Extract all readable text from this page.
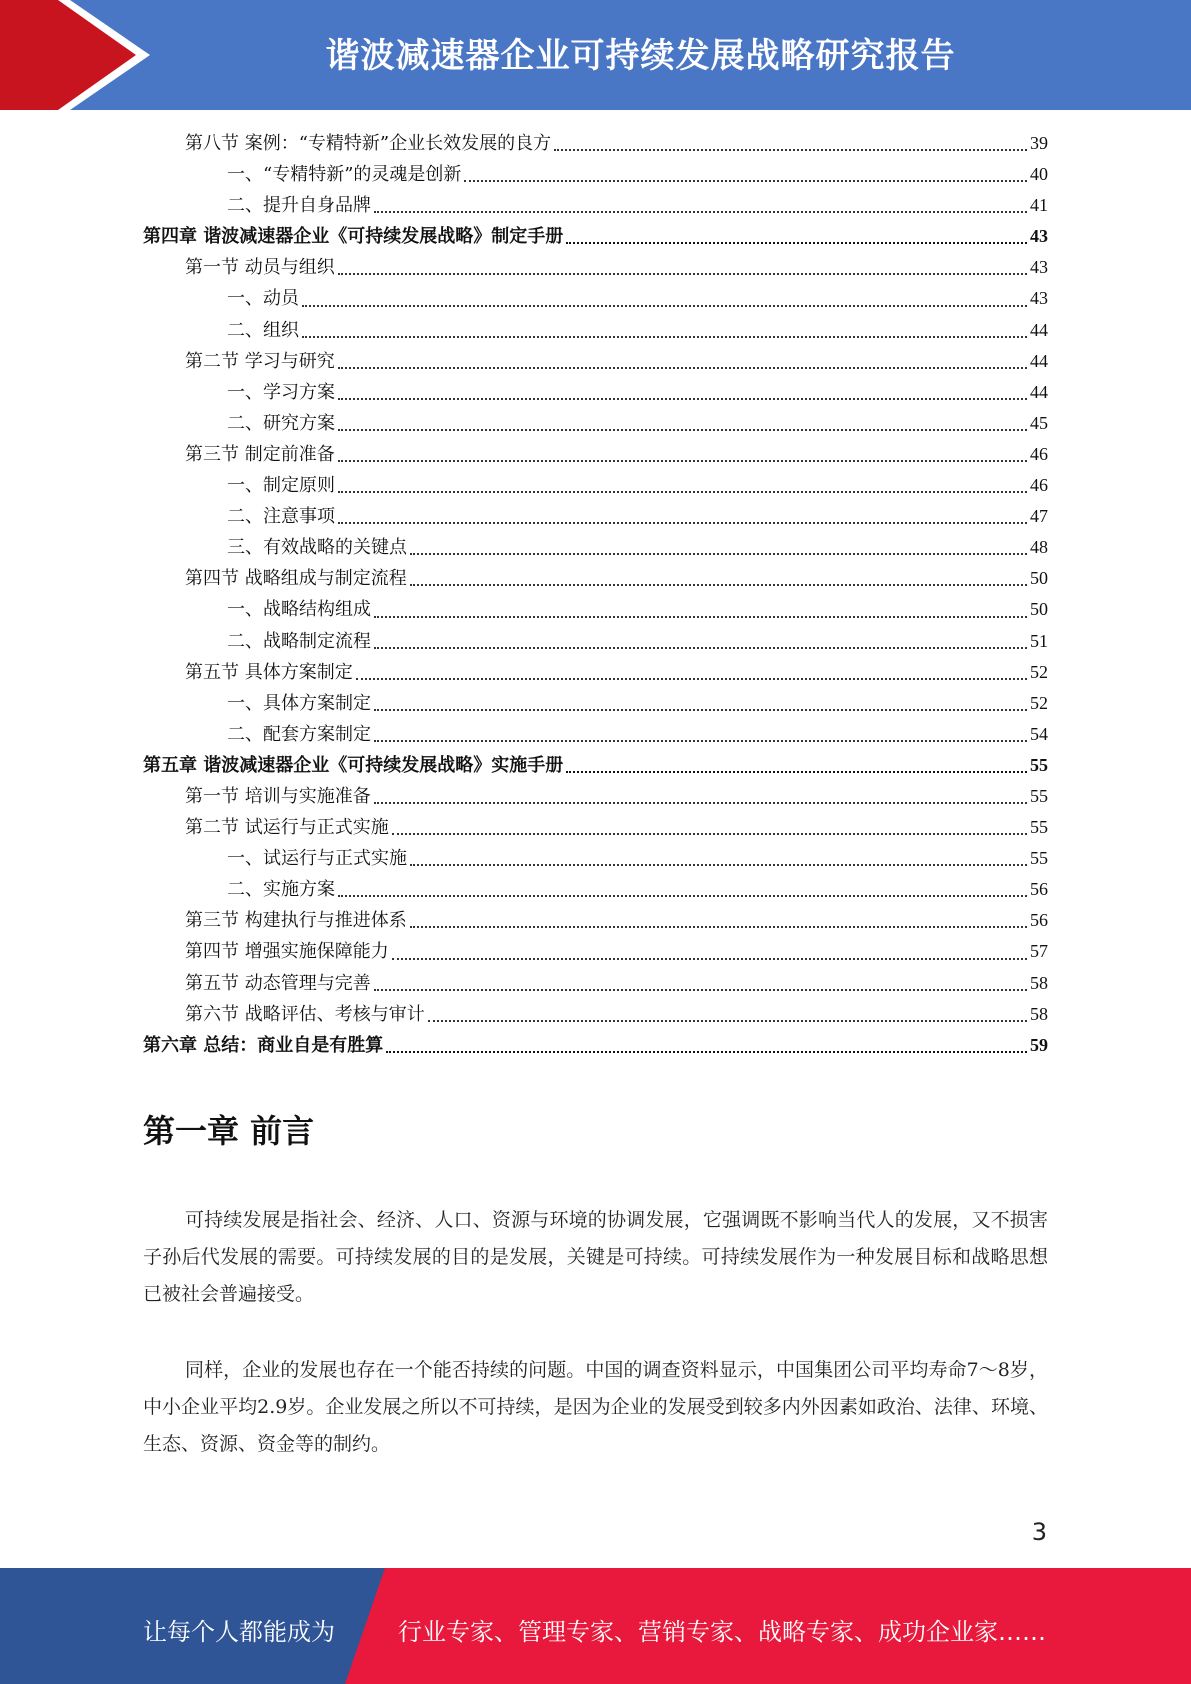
谐波减速器企业可持续发展战略研究报告
第八节 案例：“专精特新”企业长效发展的良方	39
一、“专精特新”的灵魂是创新	40
二、提升自身品牌	41
第四章 谐波减速器企业《可持续发展战略》制定手册	43
第一节 动员与组织	43
一、动员	43
二、组织	44
第二节 学习与研究	44
一、学习方案	44
二、研究方案	45
第三节 制定前准备	46
一、制定原则	46
二、注意事项	47
三、有效战略的关键点	48
第四节 战略组成与制定流程	50
一、战略结构组成	50
二、战略制定流程	51
第五节 具体方案制定	52
一、具体方案制定	52
二、配套方案制定	54
第五章 谐波减速器企业《可持续发展战略》实施手册	55
第一节 培训与实施准备	55
第二节 试运行与正式实施	55
一、试运行与正式实施	55
二、实施方案	56
第三节 构建执行与推进体系	56
第四节 增强实施保障能力	57
第五节 动态管理与完善	58
第六节 战略评估、考核与审计	58
第六章 总结：商业自是有胜算	59
第一章 前言
可持续发展是指社会、经济、人口、资源与环境的协调发展，它强调既不影响当代人的发展，又不损害子孙后代发展的需要。可持续发展的目的是发展，关键是可持续。可持续发展作为一种发展目标和战略思想已被社会普遍接受。
同样，企业的发展也存在一个能否持续的问题。中国的调查资料显示，中国集团公司平均寿命7～8岁，中小企业平均2.9岁。企业发展之所以不可持续，是因为企业的发展受到较多内外因素如政治、法律、环境、生态、资源、资金等的制约。
3
让每个人都能成为	行业专家、管理专家、营销专家、战略专家、成功企业家……
